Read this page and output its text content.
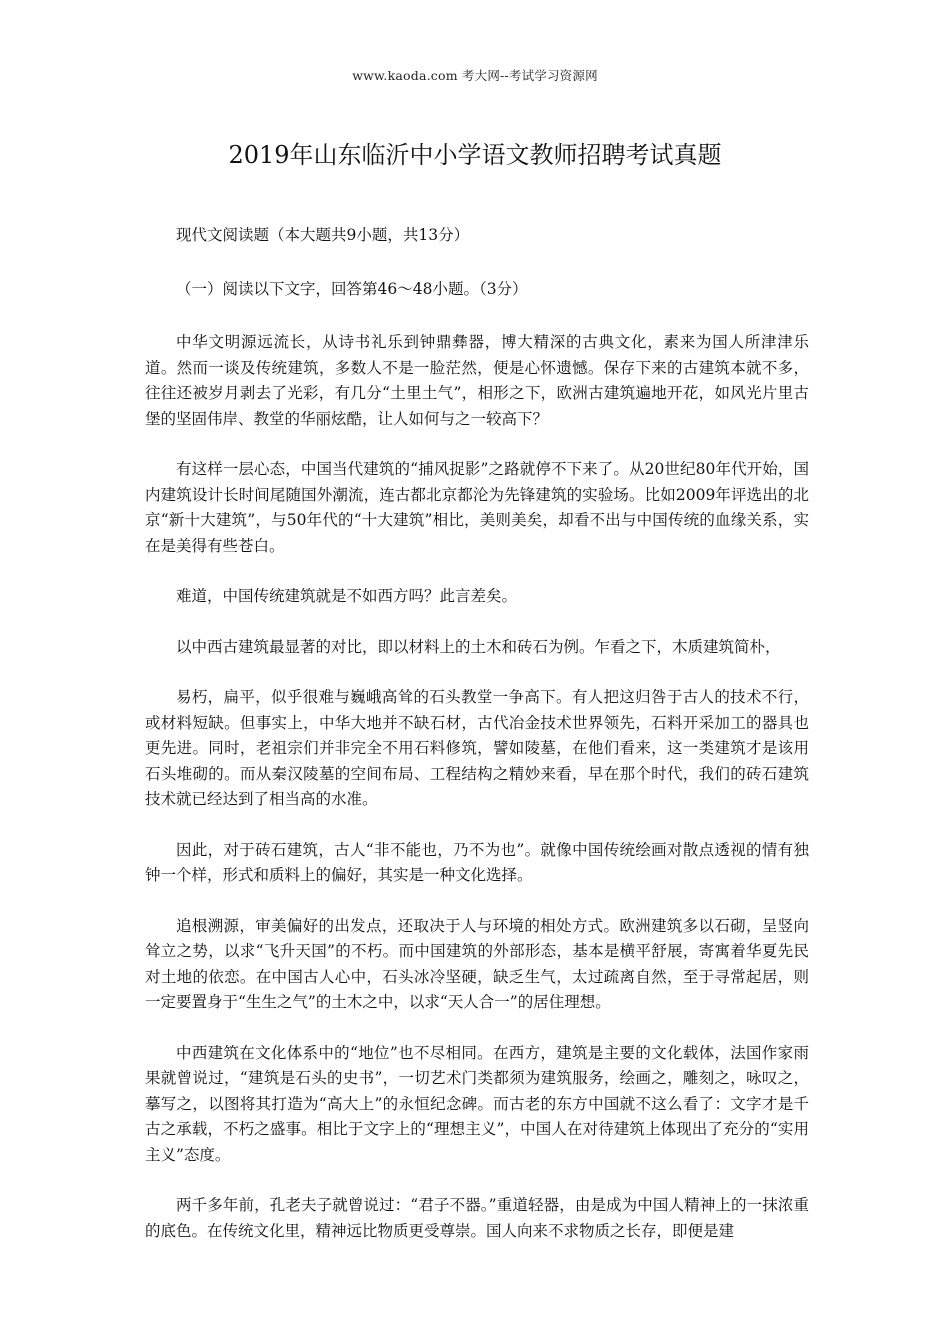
www.kaoda.com 考大网--考试学习资源网
2019年山东临沂中小学语文教师招聘考试真题

现代文阅读题（本大题共9小题，共13分）

（一）阅读以下文字，回答第46～48小题。（3分）

中华文明源远流长，从诗书礼乐到钟鼎彝器，博大精深的古典文化，素来为国人所津津乐道。然而一谈及传统建筑，多数人不是一脸茫然，便是心怀遗憾。保存下来的古建筑本就不多，往往还被岁月剥去了光彩，有几分“土里土气”，相形之下，欧洲古建筑遍地开花，如风光片里古堡的坚固伟岸、教堂的华丽炫酷，让人如何与之一较高下？

有这样一层心态，中国当代建筑的“捕风捉影”之路就停不下来了。从20世纪80年代开始，国内建筑设计长时间尾随国外潮流，连古都北京都沦为先锋建筑的实验场。比如2009年评选出的北京“新十大建筑”，与50年代的“十大建筑”相比，美则美矣，却看不出与中国传统的血缘关系，实在是美得有些苍白。

难道，中国传统建筑就是不如西方吗？此言差矣。

以中西古建筑最显著的对比，即以材料上的土木和砖石为例。乍看之下，木质建筑简朴，

易朽，扁平，似乎很难与巍峨高耸的石头教堂一争高下。有人把这归咎于古人的技术不行，或材料短缺。但事实上，中华大地并不缺石材，古代冶金技术世界领先，石料开采加工的器具也更先进。同时，老祖宗们并非完全不用石料修筑，譬如陵墓，在他们看来，这一类建筑才是该用石头堆砌的。而从秦汉陵墓的空间布局、工程结构之精妙来看，早在那个时代，我们的砖石建筑技术就已经达到了相当高的水准。

因此，对于砖石建筑，古人“非不能也，乃不为也”。就像中国传统绘画对散点透视的情有独钟一个样，形式和质料上的偏好，其实是一种文化选择。

追根溯源，审美偏好的出发点，还取决于人与环境的相处方式。欧洲建筑多以石砌，呈竖向耸立之势，以求“飞升天国”的不朽。而中国建筑的外部形态，基本是横平舒展，寄寓着华夏先民对土地的依恋。在中国古人心中，石头冰冷坚硬，缺乏生气，太过疏离自然，至于寻常起居，则一定要置身于“生生之气”的土木之中，以求“天人合一”的居住理想。

中西建筑在文化体系中的“地位”也不尽相同。在西方，建筑是主要的文化载体，法国作家雨果就曾说过，“建筑是石头的史书”，一切艺术门类都须为建筑服务，绘画之，雕刻之，咏叹之，摹写之，以图将其打造为“高大上”的永恒纪念碑。而古老的东方中国就不这么看了：文字才是千古之承载，不朽之盛事。相比于文字上的“理想主义”，中国人在对待建筑上体现出了充分的“实用主义”态度。

两千多年前，孔老夫子就曾说过：“君子不器。”重道轻器，由是成为中国人精神上的一抹浓重的底色。在传统文化里，精神远比物质更受尊崇。国人向来不求物质之长存，即便是建
